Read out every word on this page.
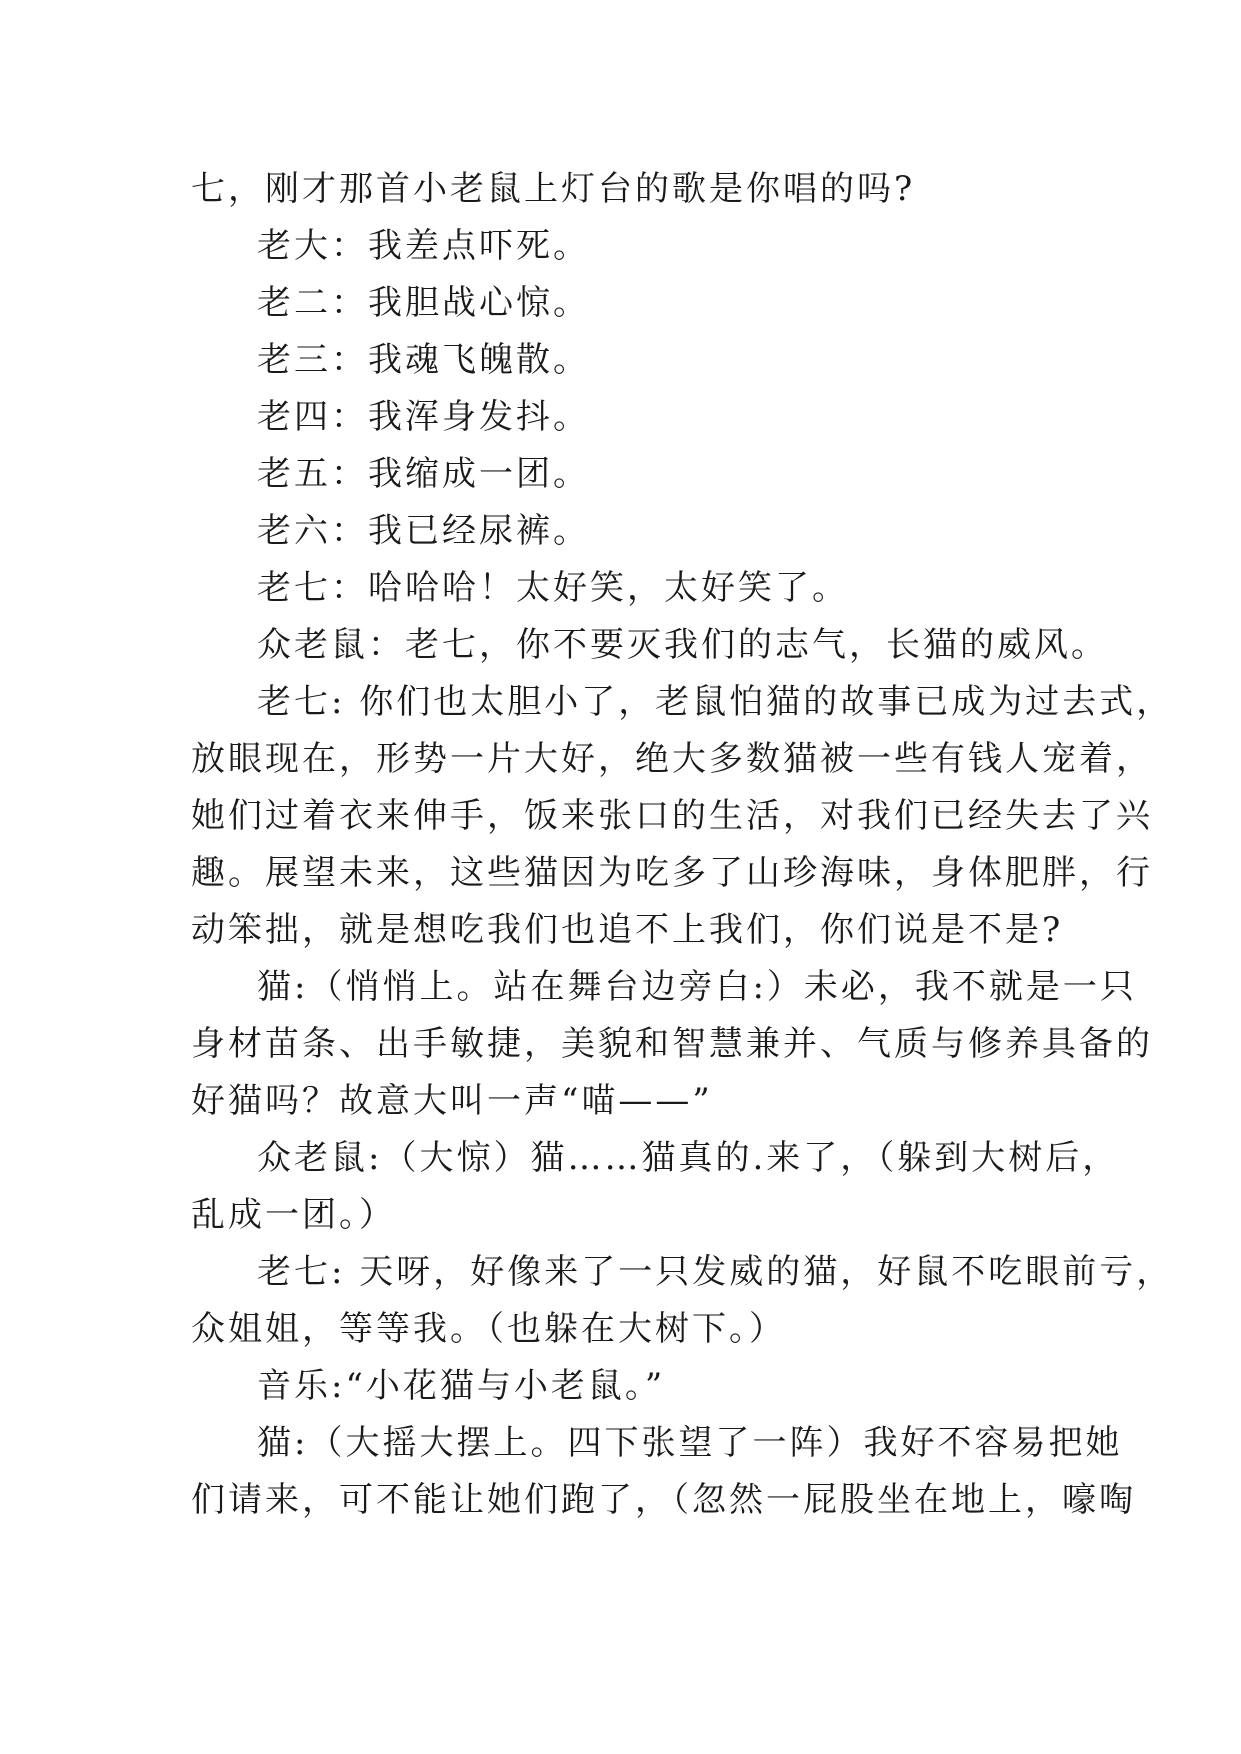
七，刚才那首小老鼠上灯台的歌是你唱的吗?
老大：我差点吓死。
老二：我胆战心惊。
老三：我魂飞魄散。
老四：我浑身发抖。
老五：我缩成一团。
老六：我已经尿裤。
老七：哈哈哈！太好笑，太好笑了。
众老鼠：老七，你不要灭我们的志气，长猫的威风。
老七: 你们也太胆小了，老鼠怕猫的故事已成为过去式，
放眼现在，形势一片大好，绝大多数猫被一些有钱人宠着，
她们过着衣来伸手，饭来张口的生活，对我们已经失去了兴
趣。展望未来，这些猫因为吃多了山珍海味，身体肥胖，行
动笨拙，就是想吃我们也追不上我们，你们说是不是?
猫:（悄悄上。站在舞台边旁白:）未必，我不就是一只
身材苗条、出手敏捷，美貌和智慧兼并、气质与修养具备的
好猫吗？故意大叫一声“喵——”
众老鼠:（大惊）猫……猫真的.来了，（躲到大树后，
乱成一团。）
老七: 天呀，好像来了一只发威的猫，好鼠不吃眼前亏，
众姐姐，等等我。（也躲在大树下。）
音乐:“小花猫与小老鼠。”
猫:（大摇大摆上。四下张望了一阵）我好不容易把她
们请来，可不能让她们跑了，（忽然一屁股坐在地上，嚎啕
